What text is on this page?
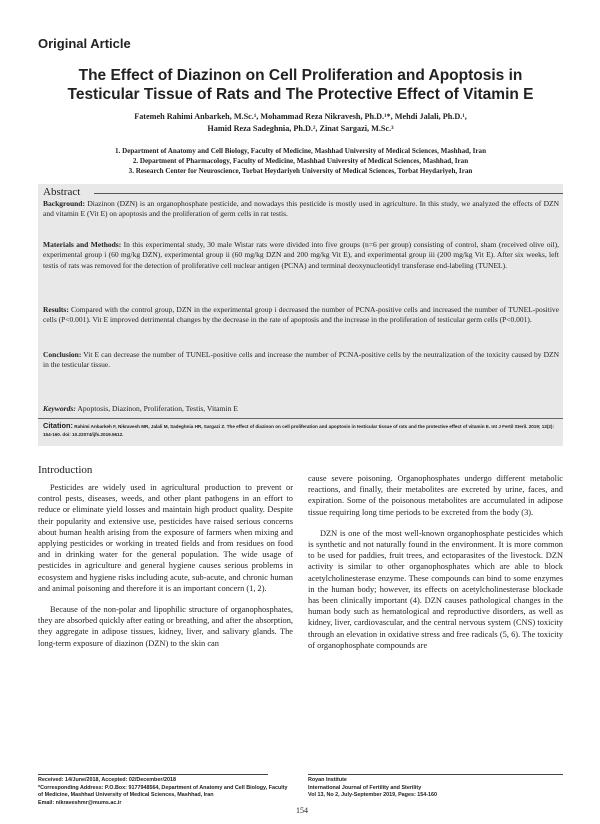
Original Article
The Effect of Diazinon on Cell Proliferation and Apoptosis in
Testicular Tissue of Rats and The Protective Effect of Vitamin E
Fatemeh Rahimi Anbarkeh, M.Sc.¹, Mohammad Reza Nikravesh, Ph.D.¹*, Mehdi Jalali, Ph.D.¹,
Hamid Reza Sadeghnia, Ph.D.², Zinat Sargazi, M.Sc.³
1. Department of Anatomy and Cell Biology, Faculty of Medicine, Mashhad University of Medical Sciences, Mashhad, Iran
2. Department of Pharmacology, Faculty of Medicine, Mashhad University of Medical Sciences, Mashhad, Iran
3. Research Center for Neuroscience, Torbat Heydariyeh University of Medical Sciences, Torbat Heydariyeh, Iran
Abstract
Background: Diazinon (DZN) is an organophosphate pesticide, and nowadays this pesticide is mostly used in agriculture. In this study, we analyzed the effects of DZN and vitamin E (Vit E) on apoptosis and the proliferation of germ cells in rat testis.
Materials and Methods: In this experimental study, 30 male Wistar rats were divided into five groups (n=6 per group) consisting of control, sham (received olive oil), experimental group i (60 mg/kg DZN), experimental group ii (60 mg/kg DZN and 200 mg/kg Vit E), and experimental group iii (200 mg/kg Vit E). After six weeks, left testis of rats was removed for the detection of proliferative cell nuclear antigen (PCNA) and terminal deoxynucleotidyl transferase end-labeling (TUNEL).
Results: Compared with the control group, DZN in the experimental group i decreased the number of PCNA-positive cells and increased the number of TUNEL-positive cells (P<0.001). Vit E improved detrimental changes by the decrease in the rate of apoptosis and the increase in the proliferation of testicular germ cells (P<0.001).
Conclusion: Vit E can decrease the number of TUNEL-positive cells and increase the number of PCNA-positive cells by the neutralization of the toxicity caused by DZN in the testicular tissue.
Keywords: Apoptosis, Diazinon, Proliferation, Testis, Vitamin E
Citation: Rahimi Anbarkeh F, Nikravesh MR, Jalali M, Sadeghnia HR, Sargazi Z. The effect of diazinon on cell proliferation and apoptosis in testicular tissue of rats and the protective effect of vitamin E. Int J Fertil Steril. 2019; 13(2): 154-160. doi: 10.22074/ijfs.2019.5612.
Introduction

Pesticides are widely used in agricultural production to prevent or control pests, diseases, weeds, and other plant pathogens in an effort to reduce or eliminate yield losses and maintain high product quality. Despite their popularity and extensive use, pesticides have raised serious concerns about human health arising from the exposure of farmers when mixing and applying pesticides or working in treated fields and from residues on food and in drinking water for the general population. The wide usage of pesticides in agriculture and general hygiene causes serious problems in ecosystem and hygiene risks including acute, sub-acute, and chronic human and animal poisoning and therefore it is an important concern (1, 2).

Because of the non-polar and lipophilic structure of organophosphates, they are absorbed quickly after eating or breathing, and after the absorption, they aggregate in adipose tissues, kidney, liver, and salivary glands. The long-term exposure of diazinon (DZN) to the skin can

cause severe poisoning. Organophosphates undergo different metabolic reactions, and finally, their metabolites are excreted by urine, faces, and expiration. Some of the poisonous metabolites are accumulated in adipose tissue requiring long time periods to be excreted from the body (3).

DZN is one of the most well-known organophosphate pesticides which is synthetic and not naturally found in the environment. It is more common to be used for paddies, fruit trees, and ectoparasites of the livestock. DZN activity is similar to other organophosphates which are able to block acetylcholinesterase enzyme. These compounds can bind to some enzymes in the human body; however, its effects on acetylcholinesterase blockade has been clinically important (4). DZN causes pathological changes in the human body such as hematological and reproductive disorders, as well as kidney, liver, cardiovascular, and the central nervous system (CNS) toxicity through an elevation in oxidative stress and free radicals (5, 6). The toxicity of organophosphate compounds are

Received: 14/June/2018, Accepted: 02/December/2018
*Corresponding Address: P.O.Box: 9177948564, Department of Anatomy and Cell Biology, Faculty of Medicine, Mashhad University of Medical Sciences, Mashhad, Iran
Email: nikraveshmr@mums.ac.ir
Royan Institute
International Journal of Fertility and Sterility
Vol 13, No 2, July-September 2019, Pages: 154-160
154
